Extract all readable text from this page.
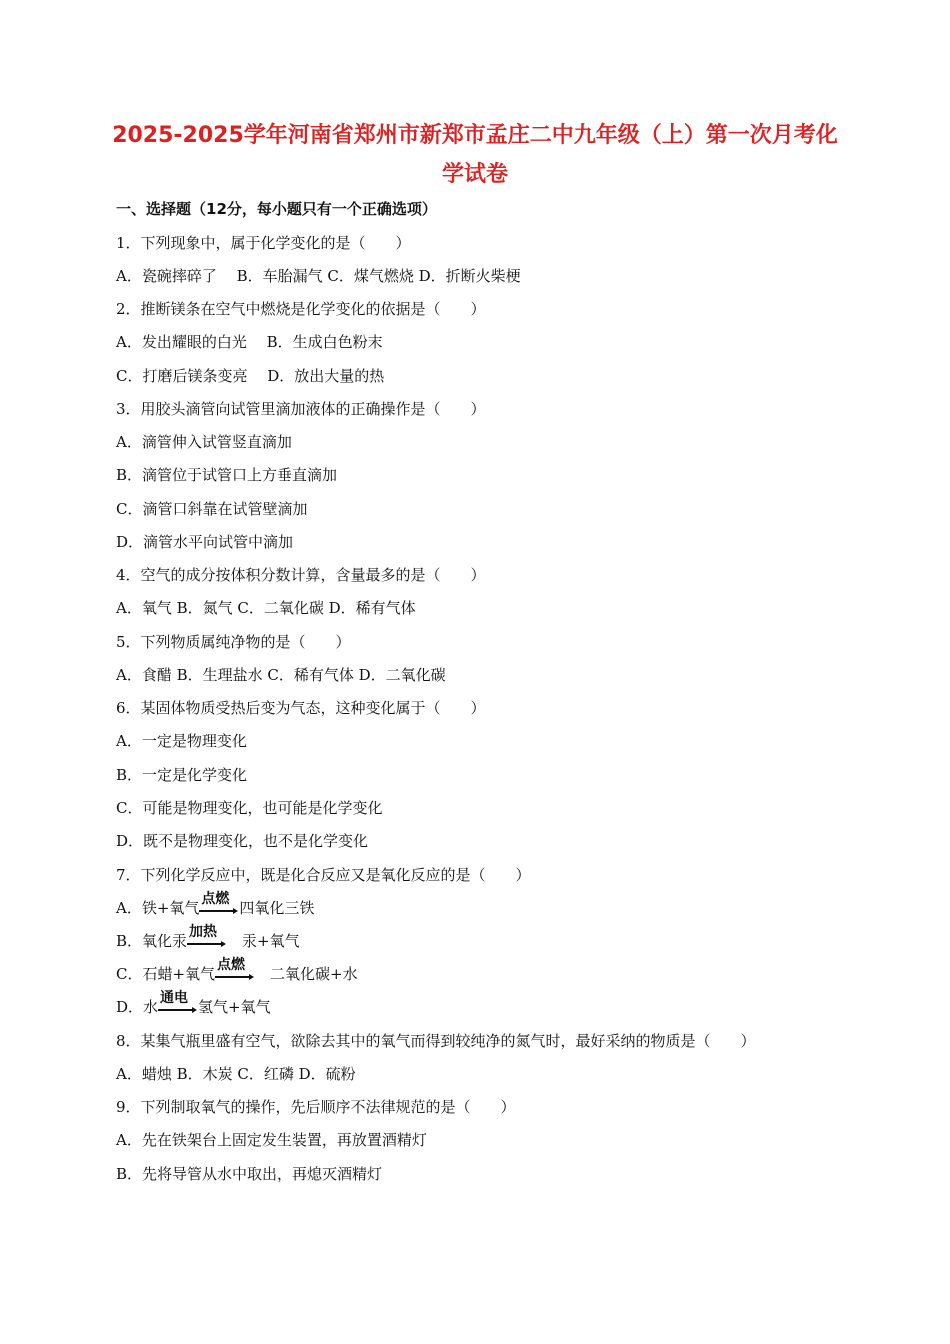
2025-2025学年河南省郑州市新郑市孟庄二中九年级（上）第一次月考化
学试卷
一、选择题（12分，每小题只有一个正确选项）
1．下列现象中，属于化学变化的是（　　）
A．瓷碗摔碎了　 B．车胎漏气 C．煤气燃烧 D．折断火柴梗
2．推断镁条在空气中燃烧是化学变化的依据是（　　）
A．发出耀眼的白光　 B．生成白色粉末
C．打磨后镁条变亮　 D．放出大量的热
3．用胶头滴管向试管里滴加液体的正确操作是（　　）
A．滴管伸入试管竖直滴加
B．滴管位于试管口上方垂直滴加
C．滴管口斜靠在试管壁滴加
D．滴管水平向试管中滴加
4．空气的成分按体积分数计算，含量最多的是（　　）
A．氧气 B．氮气 C．二氧化碳 D．稀有气体
5．下列物质属纯净物的是（　　）
A．食醋 B．生理盐水 C．稀有气体 D．二氧化碳
6．某固体物质受热后变为气态，这种变化属于（　　）
A．一定是物理变化
B．一定是化学变化
C．可能是物理变化，也可能是化学变化
D．既不是物理变化，也不是化学变化
7．下列化学反应中，既是化合反应又是氧化反应的是（　　）
A．铁+氧气 点燃 四氧化三铁
B．氧化汞 加热 　汞+氧气
C．石蜡+氧气 点燃 　二氧化碳+水
D．水 通电 氢气+氧气
8．某集气瓶里盛有空气，欲除去其中的氧气而得到较纯净的氮气时，最好采纳的物质是（　　）
A．蜡烛 B．木炭 C．红磷 D．硫粉
9．下列制取氧气的操作，先后顺序不法律规范的是（　　）
A．先在铁架台上固定发生装置，再放置酒精灯
B．先将导管从水中取出，再熄灭酒精灯
